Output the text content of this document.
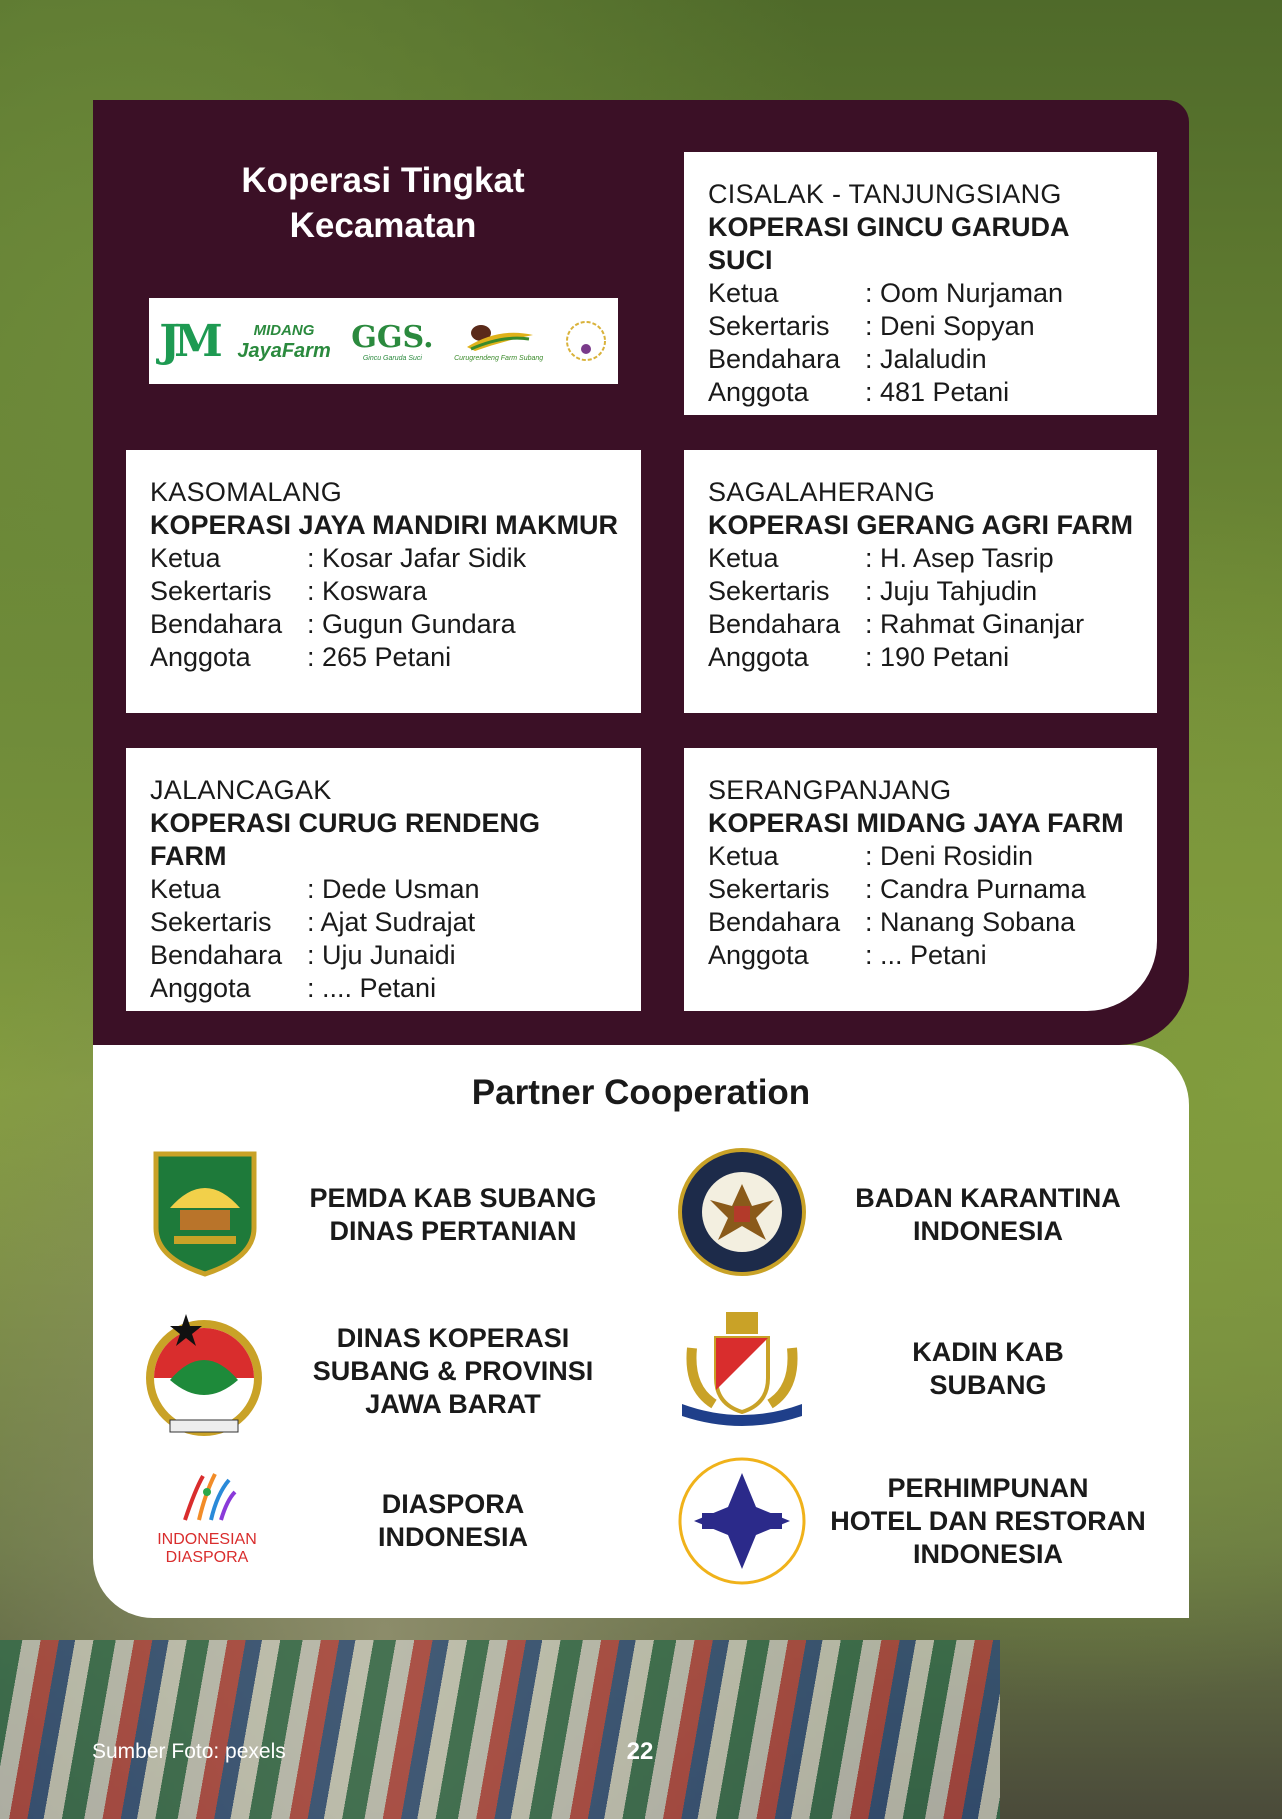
Koperasi Tingkat Kecamatan
JM	MIDANG
JayaFarm GGS.
Gincu Garuda Suci	Curugrendeng Farm Subang
CISALAK - TANJUNGSIANG
KOPERASI GINCU GARUDA SUCI
Ketua	: Oom Nurjaman
Sekertaris	: Deni Sopyan
Bendahara : Jalaludin
Anggota	: 481 Petani
KASOMALANG
KOPERASI JAYA MANDIRI MAKMUR
Ketua	: Kosar Jafar Sidik
Sekertaris	: Koswara
Bendahara : Gugun Gundara
Anggota	: 265 Petani
SAGALAHERANG
KOPERASI GERANG AGRI FARM
Ketua	: H. Asep Tasrip
Sekertaris	: Juju Tahjudin
Bendahara : Rahmat Ginanjar
Anggota	: 190 Petani
JALANCAGAK
KOPERASI CURUG RENDENG FARM
Ketua	: Dede Usman
Sekertaris	: Ajat Sudrajat
Bendahara : Uju Junaidi
Anggota	: .... Petani
SERANGPANJANG
KOPERASI MIDANG JAYA FARM
Ketua	: Deni Rosidin
Sekertaris	: Candra Purnama
Bendahara : Nanang Sobana
Anggota	: ... Petani
Partner Cooperation
PEMDA KAB SUBANG
DINAS PERTANIAN
BADAN KARANTINA
INDONESIA
DINAS KOPERASI
SUBANG & PROVINSI
JAWA BARAT
KADIN KAB
SUBANG
INDONESIAN
DIASPORA
DIASPORA
INDONESIA
PERHIMPUNAN
HOTEL DAN RESTORAN
INDONESIA
Sumber Foto: pexels	22
